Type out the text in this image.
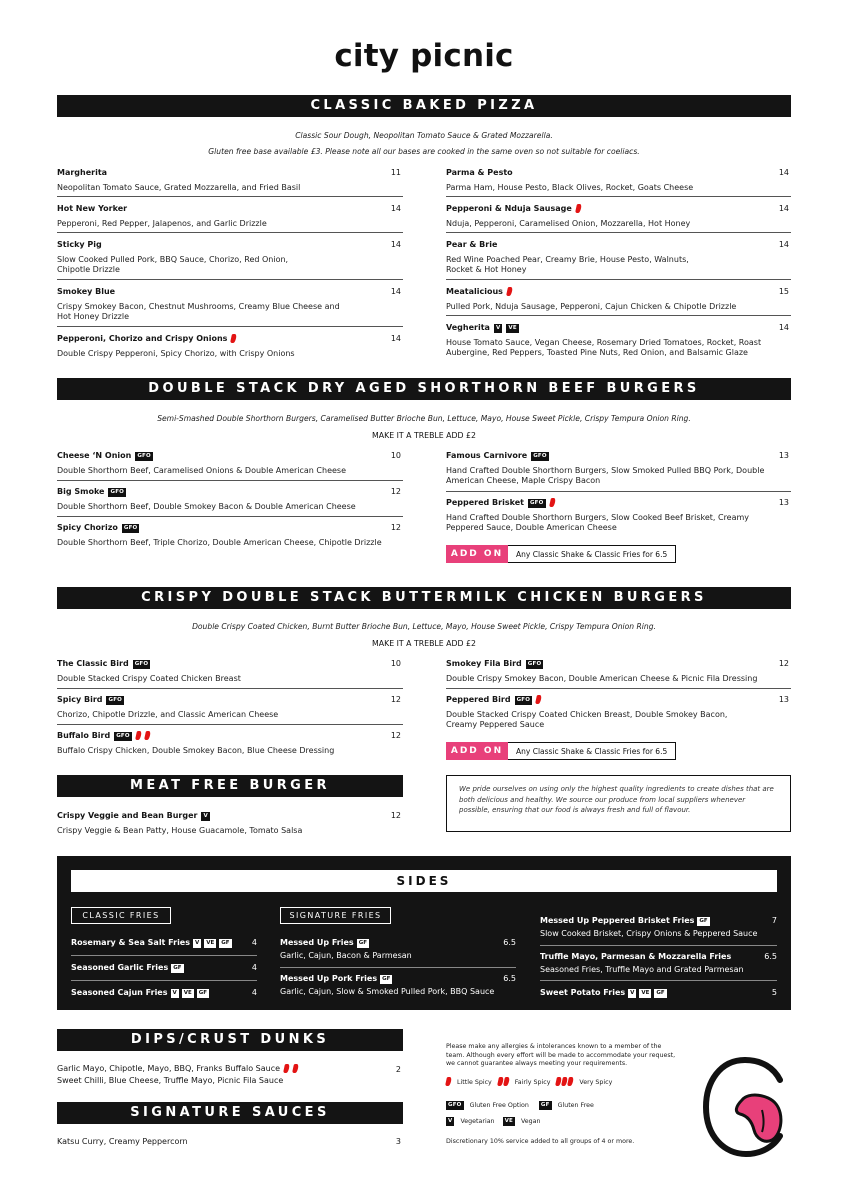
city picnic
CLASSIC BAKED PIZZA
Classic Sour Dough, Neopolitan Tomato Sauce & Grated Mozzarella.
Gluten free base available £3. Please note all our bases are cooked in the same oven so not suitable for coeliacs.
Margherita	11
Neopolitan Tomato Sauce, Grated Mozzarella, and Fried Basil
Hot New Yorker	14
Pepperoni, Red Pepper, Jalapenos, and Garlic Drizzle
Sticky Pig	14
Slow Cooked Pulled Pork, BBQ Sauce, Chorizo, Red Onion, Chipotle Drizzle
Smokey Blue	14
Crispy Smokey Bacon, Chestnut Mushrooms, Creamy Blue Cheese and Hot Honey Drizzle
Pepperoni, Chorizo and Crispy Onions	14
Double Crispy Pepperoni, Spicy Chorizo, with Crispy Onions
Parma & Pesto	14
Parma Ham, House Pesto, Black Olives, Rocket, Goats Cheese
Pepperoni & Nduja Sausage	14
Nduja, Pepperoni, Caramelised Onion, Mozzarella, Hot Honey
Pear & Brie	14
Red Wine Poached Pear, Creamy Brie, House Pesto, Walnuts, Rocket & Hot Honey
Meatalicious	15
Pulled Pork, Nduja Sausage, Pepperoni, Cajun Chicken & Chipotle Drizzle
Vegherita	V	VE	14
House Tomato Sauce, Vegan Cheese, Rosemary Dried Tomatoes, Rocket, Roast Aubergine, Red Peppers, Toasted Pine Nuts, Red Onion, and Balsamic Glaze
DOUBLE STACK DRY AGED SHORTHORN BEEF BURGERS
Semi-Smashed Double Shorthorn Burgers, Caramelised Butter Brioche Bun, Lettuce, Mayo, House Sweet Pickle, Crispy Tempura Onion Ring.
MAKE IT A TREBLE ADD £2
Cheese ‘N Onion	GFO	10
Double Shorthorn Beef, Caramelised Onions & Double American Cheese
Big Smoke	GFO	12
Double Shorthorn Beef, Double Smokey Bacon & Double American Cheese
Spicy Chorizo	GFO	12
Double Shorthorn Beef, Triple Chorizo, Double American Cheese, Chipotle Drizzle
Famous Carnivore	GFO	13
Hand Crafted Double Shorthorn Burgers, Slow Smoked Pulled BBQ Pork, Double American Cheese, Maple Crispy Bacon
Peppered Brisket	GFO	13
Hand Crafted Double Shorthorn Burgers, Slow Cooked Beef Brisket, Creamy Peppered Sauce, Double American Cheese
ADD ON	Any Classic Shake & Classic Fries for 6.5
CRISPY DOUBLE STACK BUTTERMILK CHICKEN BURGERS
Double Crispy Coated Chicken, Burnt Butter Brioche Bun, Lettuce, Mayo, House Sweet Pickle, Crispy Tempura Onion Ring.
MAKE IT A TREBLE ADD £2
The Classic Bird	GFO	10
Double Stacked Crispy Coated Chicken Breast
Spicy Bird	GFO	12
Chorizo, Chipotle Drizzle, and Classic American Cheese
Buffalo Bird	GFO	12
Buffalo Crispy Chicken, Double Smokey Bacon, Blue Cheese Dressing
Smokey Fila Bird	GFO	12
Double Crispy Smokey Bacon, Double American Cheese & Picnic Fila Dressing
Peppered Bird	GFO	13
Double Stacked Crispy Coated Chicken Breast, Double Smokey Bacon, Creamy Peppered Sauce
ADD ON	Any Classic Shake & Classic Fries for 6.5
MEAT FREE BURGER
Crispy Veggie and Bean Burger	V	12
Crispy Veggie & Bean Patty, House Guacamole, Tomato Salsa
We pride ourselves on using only the highest quality ingredients to create dishes that are both delicious and healthy. We source our produce from local suppliers whenever possible, ensuring that our food is always fresh and full of flavour.
SIDES
CLASSIC FRIES	SIGNATURE FRIES
Rosemary & Sea Salt Fries V	VE	GF	4
Seasoned Garlic Fries GF	4
Seasoned Cajun Fries V	VE	GF	4
Messed Up Fries GF	6.5
Garlic, Cajun, Bacon & Parmesan
Messed Up Pork Fries GF	6.5
Garlic, Cajun, Slow & Smoked Pulled Pork, BBQ Sauce
Messed Up Peppered Brisket Fries GF	7
Slow Cooked Brisket, Crispy Onions & Peppered Sauce
Truffle Mayo, Parmesan & Mozzarella Fries	6.5
Seasoned Fries, Truffle Mayo and Grated Parmesan
Sweet Potato Fries V	VE	GF	5
DIPS/CRUST DUNKS
Garlic Mayo, Chipotle, Mayo, BBQ, Franks Buffalo Sauce	2
Sweet Chilli, Blue Cheese, Truffle Mayo, Picnic Fila Sauce
SIGNATURE SAUCES
Katsu Curry, Creamy Peppercorn	3
Please make any allergies & intolerances known to a member of the team. Although every effort will be made to accommodate your request, we cannot guarantee always meeting your requirements.
Little Spicy	Fairly Spicy	Very Spicy
GFO	Gluten Free Option	GF	Gluten Free
V	Vegetarian	VE	Vegan
Discretionary 10% service added to all groups of 4 or more.
